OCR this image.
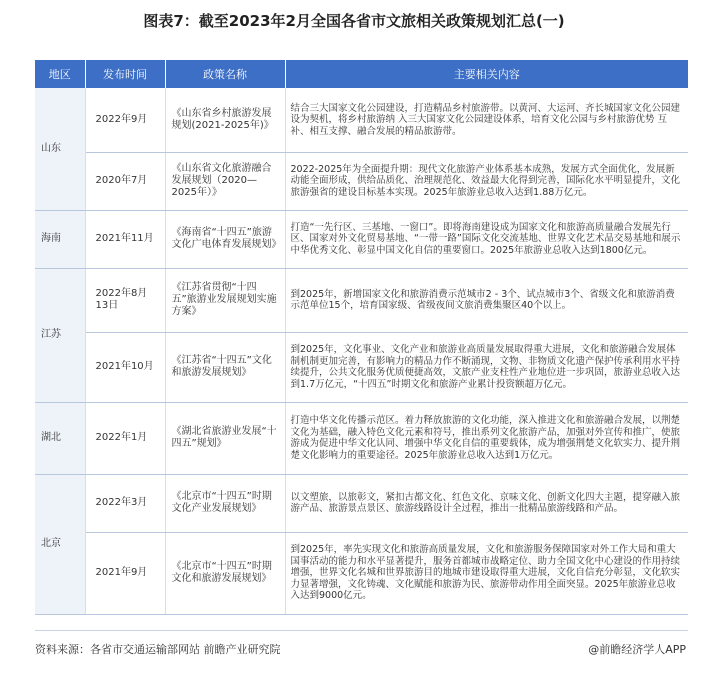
图表7：截至2023年2月全国各省市文旅相关政策规划汇总(一)
地区	发布时间	政策名称	主要相关内容
山东	2022年9月	《山东省乡村旅游发展规划(2021-2025年)》	结合三大国家文化公园建设，打造精品乡村旅游带。以黄河、大运河、齐长城国家文化公园建设为契机，将乡村旅游纳 入三大国家文化公园建设体系，培育文化公园与乡村旅游优势 互补、相互支撑、融合发展的精品旅游带。
	2020年7月	《山东省文化旅游融合发展规划（2020—2025年）》	2022-2025年为全面提升期：现代文化旅游产业体系基本成熟，发展方式全面优化，发展新动能全面形成，供给品质化、治理规范化、效益最大化得到完善，国际化水平明显提升，文化旅游强省的建设目标基本实现。2025年旅游业总收入达到1.88万亿元。
海南	2021年11月	《海南省“十四五”旅游文化广电体育发展规划》	打造“一先行区、三基地、一窗口”。即将海南建设成为国家文化和旅游高质量融合发展先行区、国家对外文化贸易基地、“一带一路”国际文化交流基地、世界文化艺术品交易基地和展示中华优秀文化、彰显中国文化自信的重要窗口。2025年旅游业总收入达到1800亿元。
江苏	2022年8月13日	《江苏省贯彻“十四五”旅游业发展规划实施方案》	到2025年，新增国家文化和旅游消费示范城市2 - 3个、试点城市3个、省级文化和旅游消费示范单位15个，培育国家级、省级夜间文旅消费集聚区40个以上。
	2021年10月	《江苏省“十四五”文化和旅游发展规划》	到2025年，文化事业、文化产业和旅游业高质量发展取得重大进展，文化和旅游融合发展体制机制更加完善，有影响力的精品力作不断涌现，文物、非物质文化遗产保护传承利用水平持续提升，公共文化服务优质便捷高效，文旅产业支柱性产业地位进一步巩固，旅游业总收入达到1.7万亿元，“十四五”时期文化和旅游产业累计投资额超万亿元。
湖北	2022年1月	《湖北省旅游业发展“十四五”规划》	打造中华文化传播示范区。着力释放旅游的文化功能，深入推进文化和旅游融合发展，以荆楚文化为基础，融入特色文化元素和符号，推出系列文化旅游产品，加强对外宣传和推广，使旅游成为促进中华文化认同、增强中华文化自信的重要载体，成为增强荆楚文化软实力、提升荆楚文化影响力的重要途径。2025年旅游业总收入达到1万亿元。
北京	2022年3月	《北京市“十四五”时期文化产业发展规划》	以文塑旅，以旅彰文，紧扣古都文化、红色文化、京味文化、创新文化四大主题，提穿融入旅游产品、旅游景点景区、旅游线路设计全过程，推出一批精品旅游线路和产品。
	2021年9月	《北京市“十四五”时期文化和旅游发展规划》	到2025年，率先实现文化和旅游高质量发展，文化和旅游服务保障国家对外工作大局和重大国事活动的能力和水平显著提升，服务首都城市战略定位、助力全国文化中心建设的作用持续增强，世界文化名城和世界旅游目的地城市建设取得重大进展，文化自信充分彰显，文化软实力显著增强，文化铸魂、文化赋能和旅游为民、旅游带动作用全面突显。2025年旅游业总收入达到9000亿元。
资料来源：各省市交通运输部网站 前瞻产业研究院	@前瞻经济学人APP
